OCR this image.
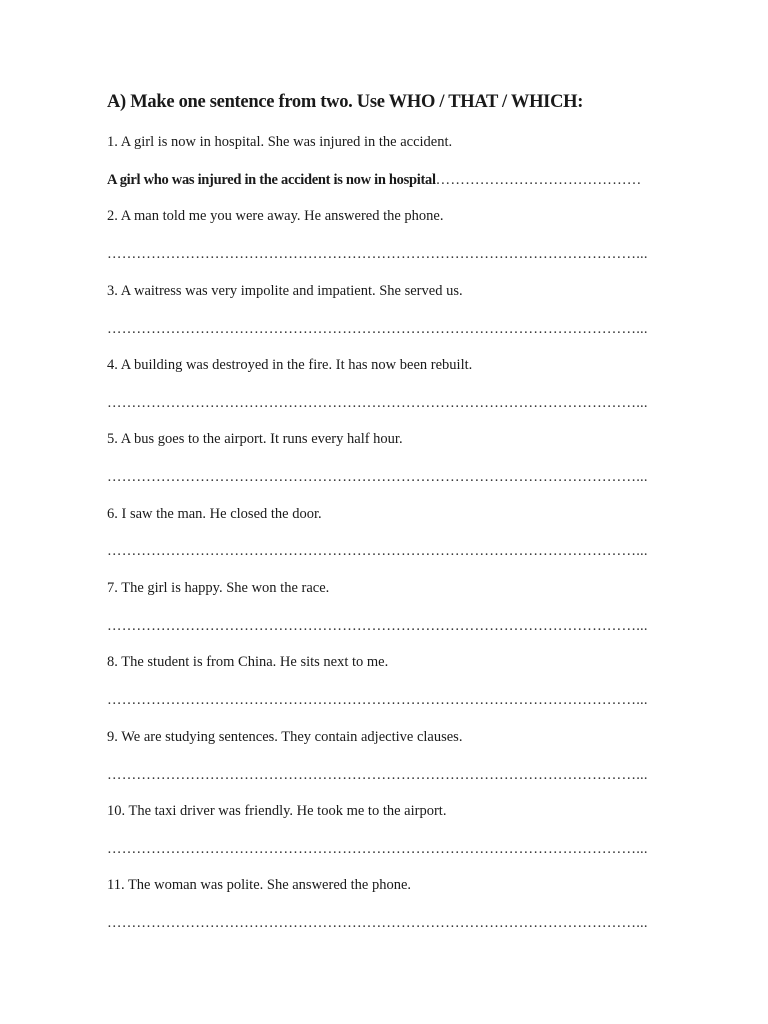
A) Make one sentence from two. Use WHO / THAT / WHICH:
1. A girl is now in hospital. She was injured in the accident.
A girl who was injured in the accident is now in hospital……………………………………
2. A man told me you were away. He answered the phone.
………………………………………………………………………………………………...
3. A waitress was very impolite and impatient. She served us.
………………………………………………………………………………………………...
4. A building was destroyed in the fire. It has now been rebuilt.
………………………………………………………………………………………………...
5. A bus goes to the airport. It runs every half hour.
………………………………………………………………………………………………...
6. I saw the man. He closed the door.
………………………………………………………………………………………………...
7. The girl is happy. She won the race.
………………………………………………………………………………………………...
8. The student is from China. He sits next to me.
………………………………………………………………………………………………...
9. We are studying sentences. They contain adjective clauses.
………………………………………………………………………………………………...
10. The taxi driver was friendly. He took me to the airport.
………………………………………………………………………………………………...
11. The woman was polite. She answered the phone.
………………………………………………………………………………………………...
